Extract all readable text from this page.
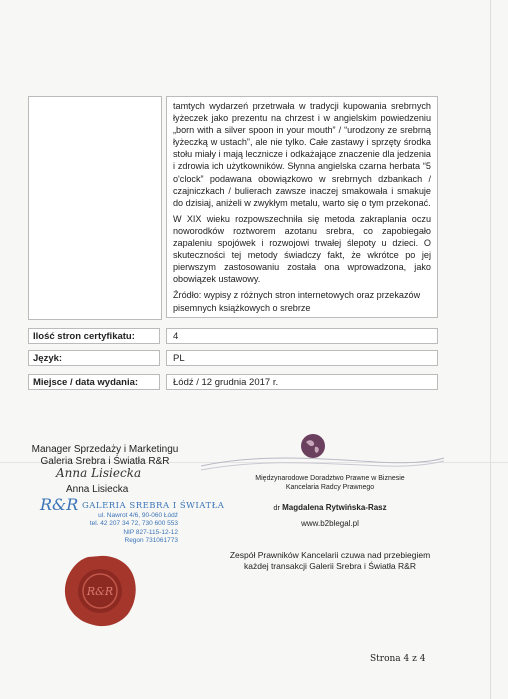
tamtych wydarzeń przetrwała w tradycji kupowania srebrnych łyżeczek jako prezentu na chrzest i w angielskim powiedzeniu „born with a silver spoon in your mouth” / “urodzony ze srebrną łyżeczką w ustach”, ale nie tylko. Całe zastawy i sprzęty środka stołu miały i mają lecznicze i odkażające znaczenie dla jedzenia i zdrowia ich użytkowników. Słynna angielska czarna herbata “5 o'clock” podawana obowiązkowo w srebrnych dzbankach / czajniczkach / bulierach zawsze inaczej smakowała i smakuje do dzisiaj, aniżeli w zwykłym metalu, warto się o tym przekonać.

W XIX wieku rozpowszechniła się metoda zakraplania oczu noworodków roztworem azotanu srebra, co zapobiegało zapaleniu spojówek i rozwojowi trwałej ślepoty u dzieci. O skuteczności tej metody świadczy fakt, że wkrótce po jej pierwszym zastosowaniu została ona wprowadzona, jako obowiązek ustawowy.

Źródło: wypisy z różnych stron internetowych oraz przekazów pisemnych książkowych o srebrze

Ilość stron certyfikatu:	4
Język:	PL
Miejsce / data wydania:	Łódź / 12 grudnia 2017 r.
Manager Sprzedaży i Marketingu
Galeria Srebra i Światła R&R
Anna Lisiecka
Anna Lisiecka
R&R GALERIA SREBRA I ŚWIATŁA
ul. Nawrot 4/6, 90-060 Łódź
tel. 42 207 34 72, 730 600 553
NIP 827-115-12-12
Regon 731061773
R&R
Międzynarodowe Doradztwo Prawne w Biznesie
Kancelaria Radcy Prawnego
dr Magdalena Rytwińska-Rasz
www.b2blegal.pl
Zespół Prawników Kancelarii czuwa nad przebiegiem
każdej transakcji Galerii Srebra i Światła R&R
Strona 4 z 4
